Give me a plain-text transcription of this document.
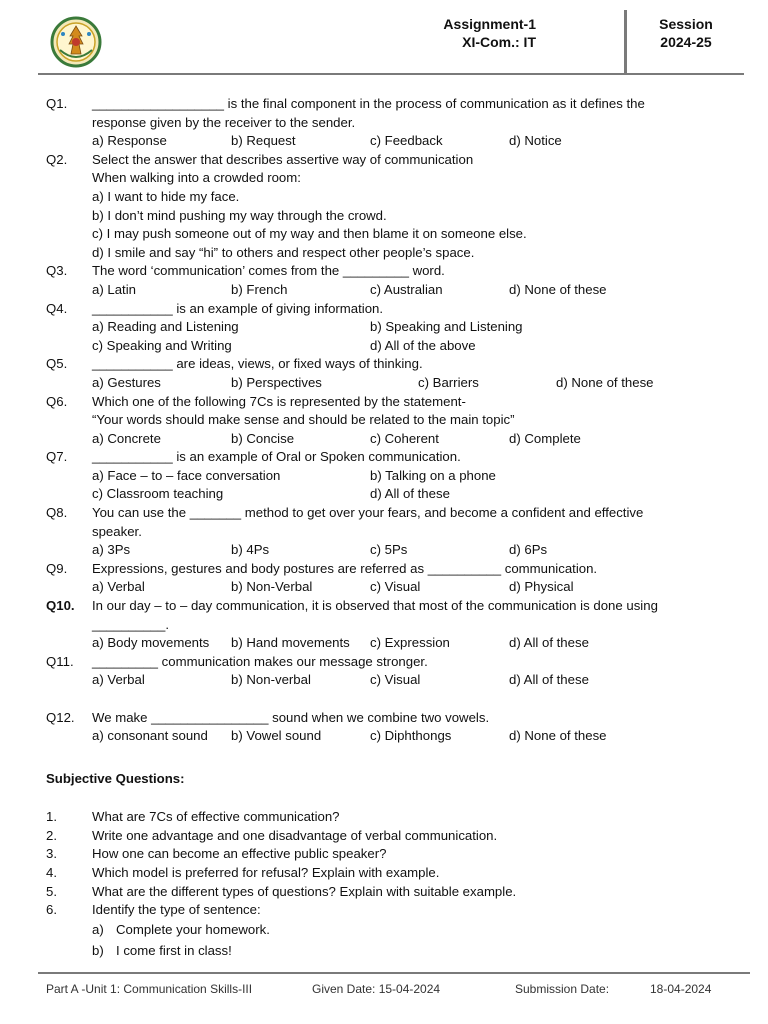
Assignment-1
XI-Com.: IT
Session
2024-25
Q1. __________________ is the final component in the process of communication as it defines the
response given by the receiver to the sender.
a) Response	b) Request	c) Feedback	d) Notice
Q2. Select the answer that describes assertive way of communication
When walking into a crowded room:
a) I want to hide my face.
b) I don’t mind pushing my way through the crowd.
c) I may push someone out of my way and then blame it on someone else.
d) I smile and say “hi” to others and respect other people’s space.
Q3. The word ‘communication’ comes from the _________ word.
a) Latin	b) French	c) Australian	d) None of these
Q4. ___________ is an example of giving information.
a) Reading and Listening	b) Speaking and Listening
c) Speaking and Writing	d) All of the above
Q5. ___________ are ideas, views, or fixed ways of thinking.
a) Gestures	b) Perspectives	c) Barriers	d) None of these
Q6. Which one of the following 7Cs is represented by the statement-
“Your words should make sense and should be related to the main topic”
a) Concrete	b) Concise	c) Coherent	d) Complete
Q7. ___________ is an example of Oral or Spoken communication.
a) Face – to – face conversation	b) Talking on a phone
c) Classroom teaching	d) All of these
Q8. You can use the _______ method to get over your fears, and become a confident and effective
speaker.
a) 3Ps	b) 4Ps	c) 5Ps	d) 6Ps
Q9. Expressions, gestures and body postures are referred as __________ communication.
a) Verbal	b) Non-Verbal	c) Visual	d) Physical
Q10. In our day – to – day communication, it is observed that most of the communication is done using
__________.
a) Body movements b) Hand movements c) Expression	d) All of these
Q11. _________ communication makes our message stronger.
a) Verbal	b) Non-verbal	c) Visual	d) All of these
Q12. We make ________________ sound when we combine two vowels.
a) consonant sound b) Vowel sound	c) Diphthongs	d) None of these
Subjective Questions:
1.	What are 7Cs of effective communication?
2.	Write one advantage and one disadvantage of verbal communication.
3.	How one can become an effective public speaker?
4.	Which model is preferred for refusal? Explain with example.
5.	What are the different types of questions? Explain with suitable example.
6.	Identify the type of sentence:
a) Complete your homework.
b) I come first in class!
Part A -Unit 1: Communication Skills-III	Given Date: 15-04-2024	Submission Date:	18-04-2024
